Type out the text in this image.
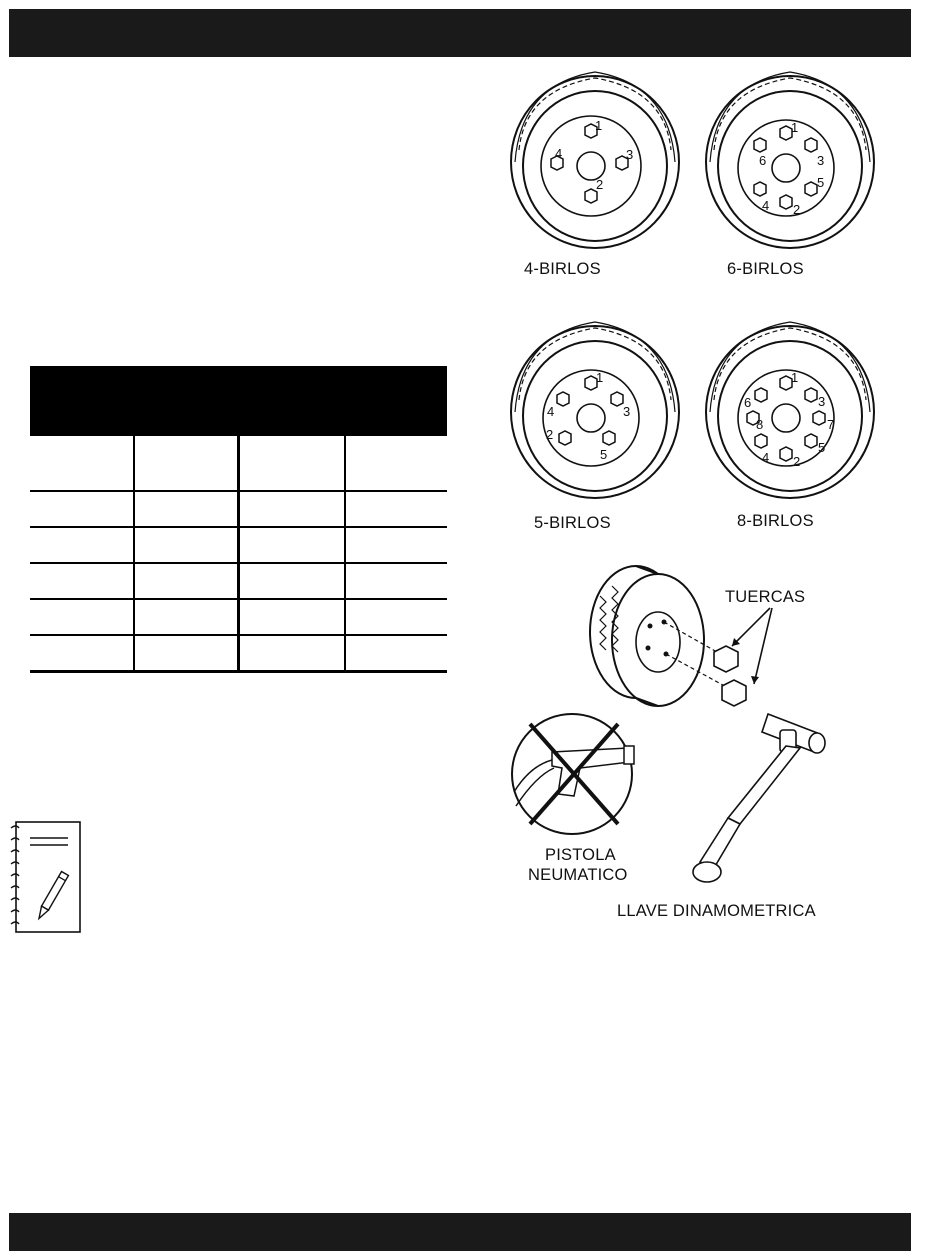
1
2
3
4
4-BIRLOS
1
2
3
4
5
6
6-BIRLOS
1
2
3
4
5
5-BIRLOS
1
2
3
4
5
6
7
8
8-BIRLOS
TUERCAS
PISTOLA
NEUMATICO
LLAVE DINAMOMETRICA
